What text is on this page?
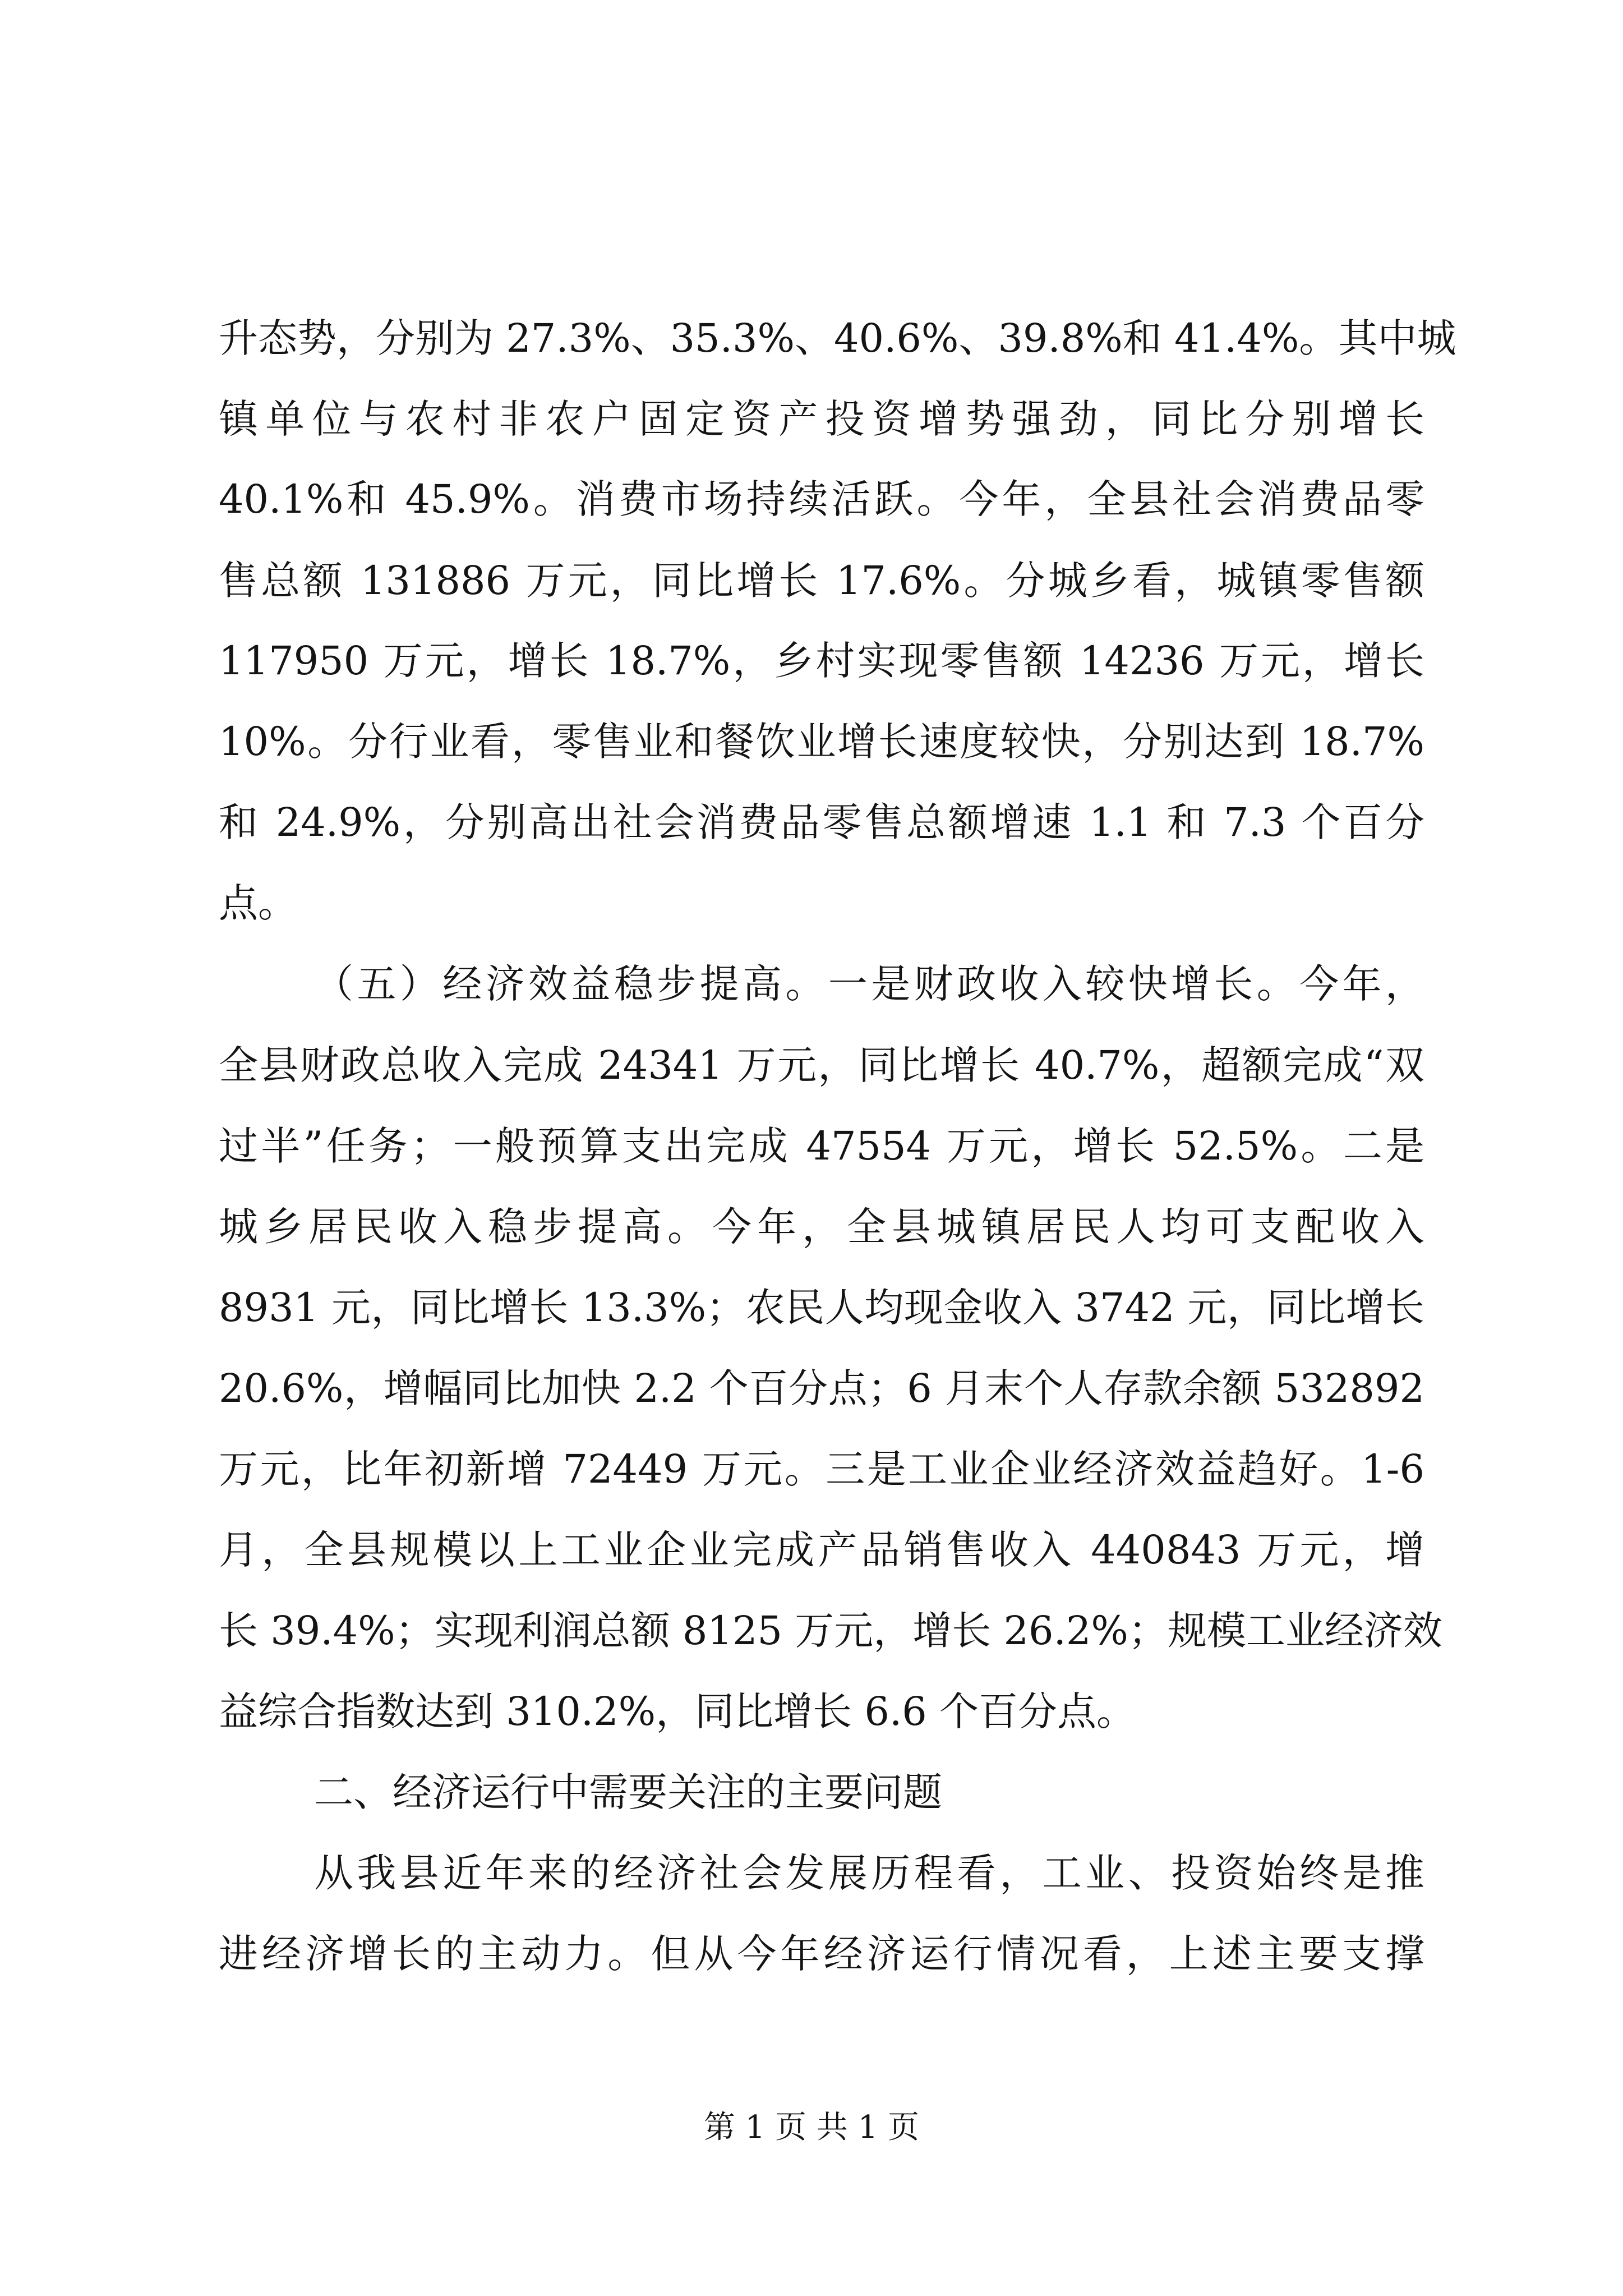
升态势，分别为 27.3%、35.3%、40.6%、39.8%和 41.4%。其中城
镇单位与农村非农户固定资产投资增势强劲，同比分别增长
40.1%和 45.9%。消费市场持续活跃。今年，全县社会消费品零
售总额 131886 万元，同比增长 17.6%。分城乡看，城镇零售额
117950 万元，增长 18.7%，乡村实现零售额 14236 万元，增长
10%。分行业看，零售业和餐饮业增长速度较快，分别达到 18.7%
和 24.9%，分别高出社会消费品零售总额增速 1.1 和 7.3 个百分
点。
（五）经济效益稳步提高。一是财政收入较快增长。今年，
全县财政总收入完成 24341 万元，同比增长 40.7%，超额完成“双
过半”任务；一般预算支出完成 47554 万元，增长 52.5%。二是
城乡居民收入稳步提高。今年，全县城镇居民人均可支配收入
8931 元，同比增长 13.3%；农民人均现金收入 3742 元，同比增长
20.6%，增幅同比加快 2.2 个百分点；6 月末个人存款余额 532892
万元，比年初新增 72449 万元。三是工业企业经济效益趋好。1-6
月，全县规模以上工业企业完成产品销售收入 440843 万元，增
长 39.4%；实现利润总额 8125 万元，增长 26.2%；规模工业经济效
益综合指数达到 310.2%，同比增长 6.6 个百分点。
二、经济运行中需要关注的主要问题
从我县近年来的经济社会发展历程看，工业、投资始终是推
进经济增长的主动力。但从今年经济运行情况看，上述主要支撑
第 1 页 共 1 页
